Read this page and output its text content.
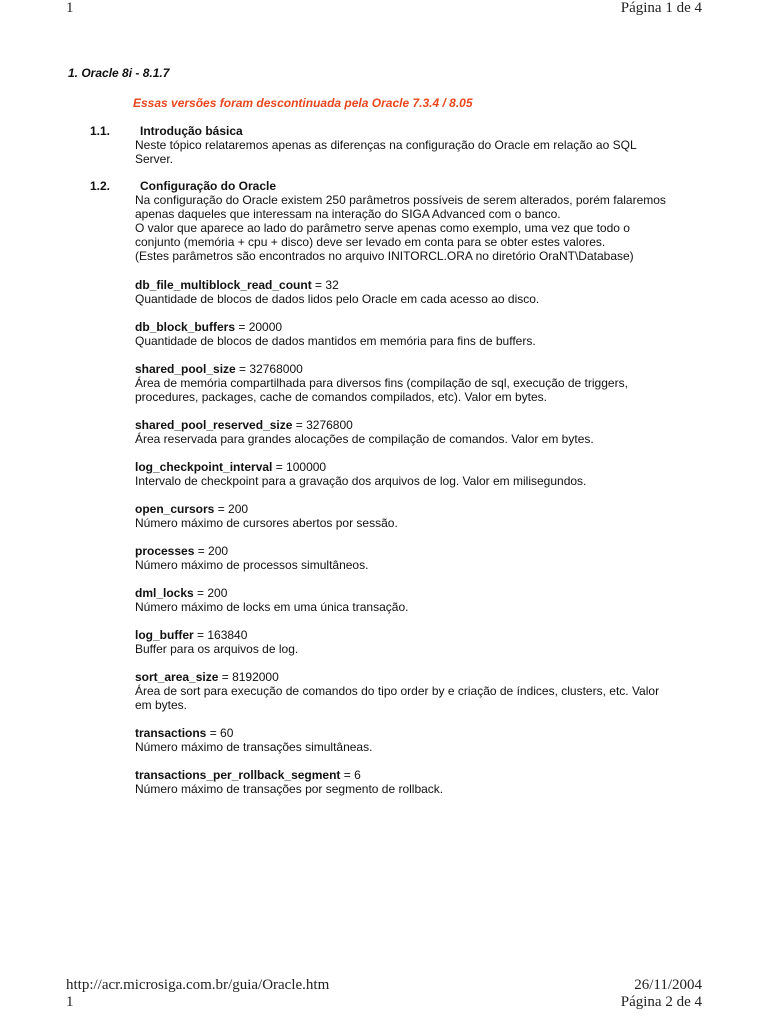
1	Página 1 de 4
1. Oracle 8i - 8.1.7
Essas versões foram descontinuada pela Oracle 7.3.4 / 8.05
1.1. Introdução básica
Neste tópico relataremos apenas as diferenças na configuração do Oracle em relação ao SQL
Server.
1.2. Configuração do Oracle
Na configuração do Oracle existem 250 parâmetros possíveis de serem alterados, porém falaremos
apenas daqueles que interessam na interação do SIGA Advanced com o banco.
O valor que aparece ao lado do parâmetro serve apenas como exemplo, uma vez que todo o
conjunto (memória + cpu + disco) deve ser levado em conta para se obter estes valores.
(Estes parâmetros são encontrados no arquivo INITORCL.ORA no diretório OraNT\Database)
db_file_multiblock_read_count = 32
Quantidade de blocos de dados lidos pelo Oracle em cada acesso ao disco.
db_block_buffers = 20000
Quantidade de blocos de dados mantidos em memória para fins de buffers.
shared_pool_size = 32768000
Área de memória compartilhada para diversos fins (compilação de sql, execução de triggers,
procedures, packages, cache de comandos compilados, etc). Valor em bytes.
shared_pool_reserved_size = 3276800
Área reservada para grandes alocações de compilação de comandos. Valor em bytes.
log_checkpoint_interval = 100000
Intervalo de checkpoint para a gravação dos arquivos de log. Valor em milisegundos.
open_cursors = 200
Número máximo de cursores abertos por sessão.
processes = 200
Número máximo de processos simultâneos.
dml_locks = 200
Número máximo de locks em uma única transação.
log_buffer = 163840
Buffer para os arquivos de log.
sort_area_size = 8192000
Área de sort para execução de comandos do tipo order by e criação de índices, clusters, etc. Valor
em bytes.
transactions = 60
Número máximo de transações simultâneas.
transactions_per_rollback_segment = 6
Número máximo de transações por segmento de rollback.
http://acr.microsiga.com.br/guia/Oracle.htm	26/11/2004
1	Página 2 de 4
